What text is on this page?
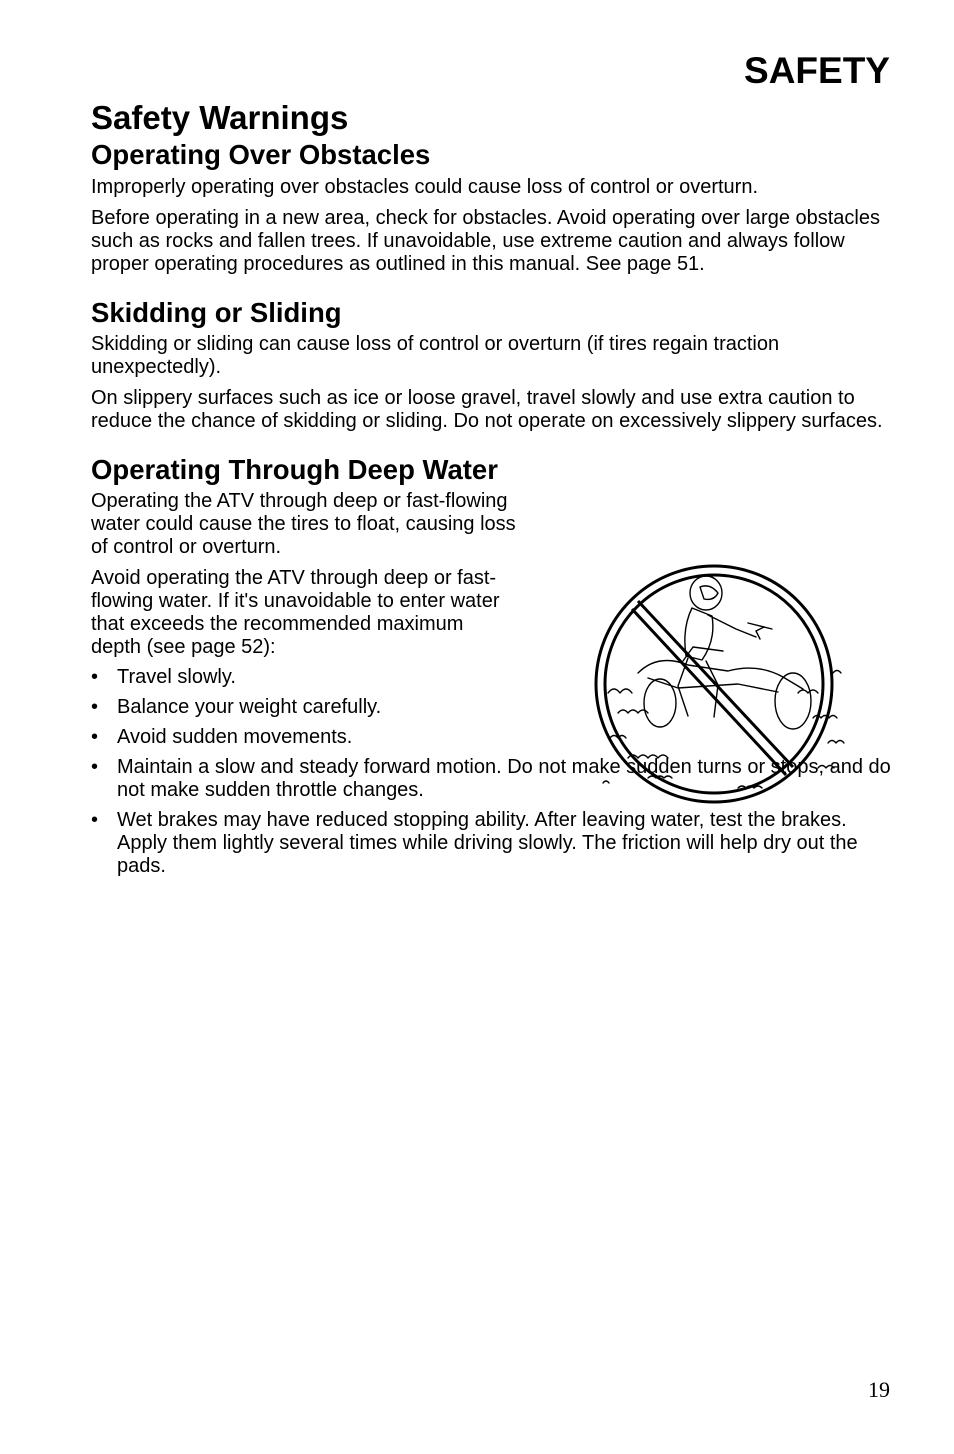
SAFETY
Safety Warnings
Operating Over Obstacles

Improperly operating over obstacles could cause loss of control or overturn.

Before operating in a new area, check for obstacles. Avoid operating over large obstacles such as rocks and fallen trees. If unavoidable, use extreme caution and always follow proper operating procedures as outlined in this manual. See page 51.

Skidding or Sliding

Skidding or sliding can cause loss of control or overturn (if tires regain traction unexpectedly).

On slippery surfaces such as ice or loose gravel, travel slowly and use extra caution to reduce the chance of skidding or sliding. Do not operate on excessively slippery surfaces.

Operating Through Deep Water

Operating the ATV through deep or fast-flowing water could cause the tires to float, causing loss of control or overturn.

Avoid operating the ATV through deep or fast-flowing water. If it's unavoidable to enter water that exceeds the recommended maximum depth (see page 52):

• Travel slowly.
• Balance your weight carefully.
• Avoid sudden movements.
• Maintain a slow and steady forward motion. Do not make sudden turns or stops, and do not make sudden throttle changes.
• Wet brakes may have reduced stopping ability. After leaving water, test the brakes. Apply them lightly several times while driving slowly. The friction will help dry out the pads.

19
